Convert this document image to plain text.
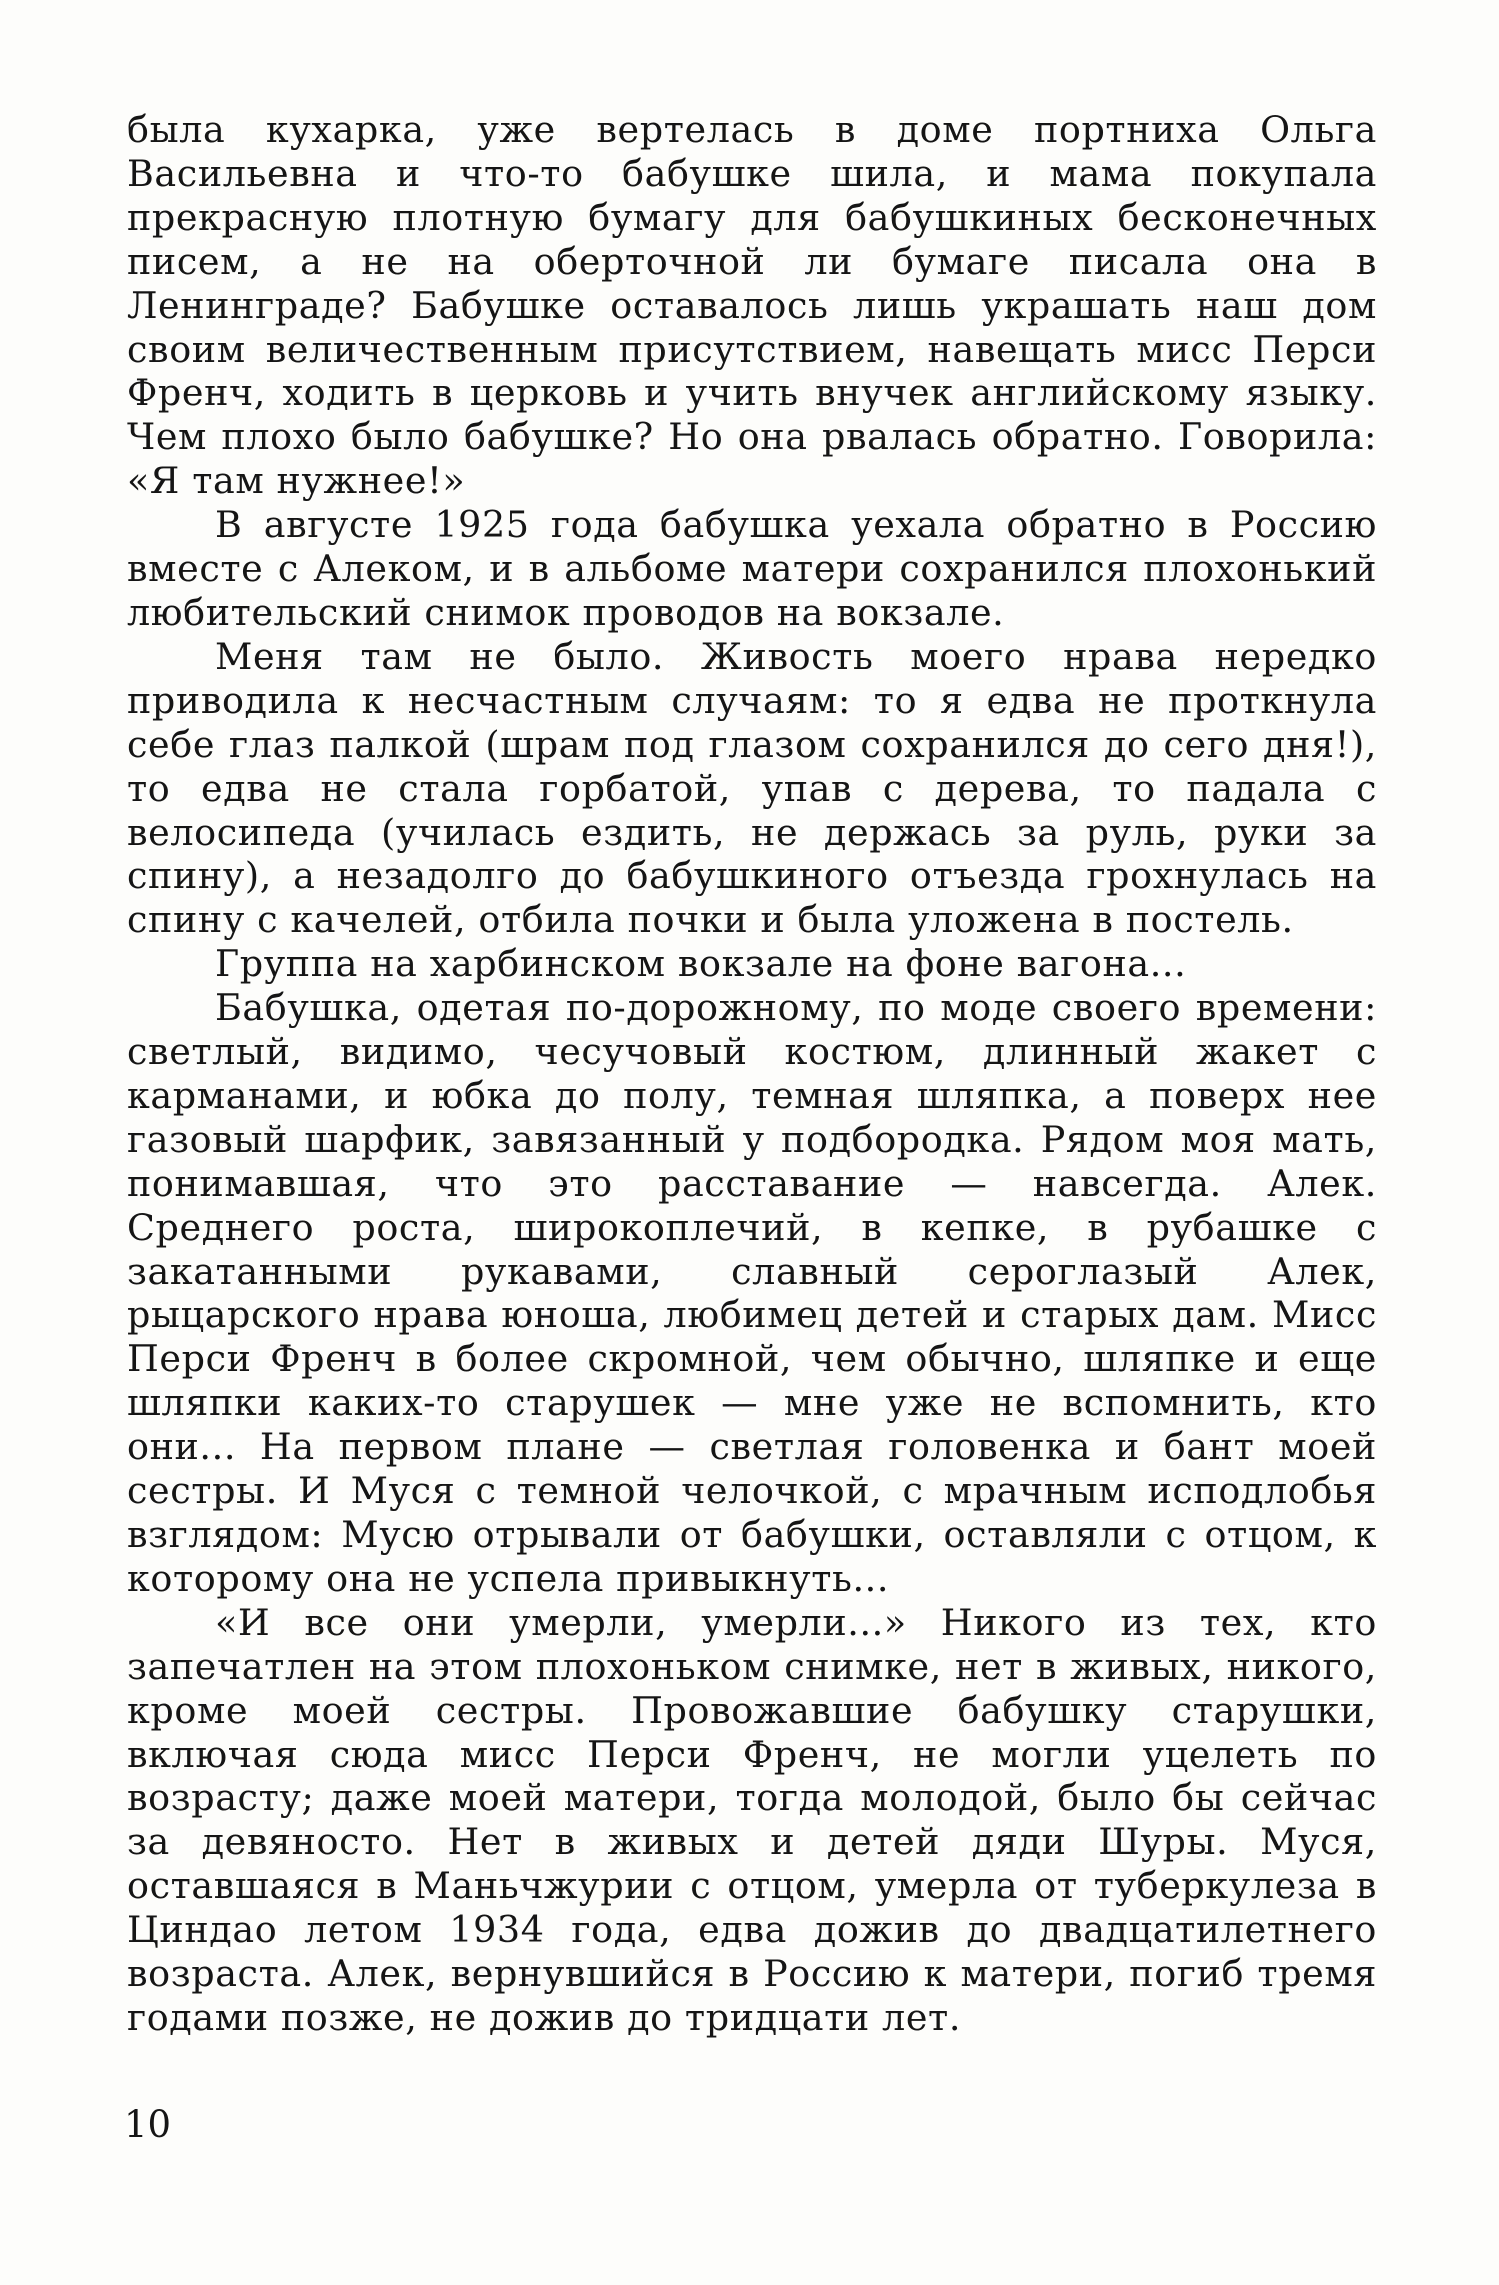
была кухарка, уже вертелась в доме портниха Ольга Васильевна и что-то бабушке шила, и мама покупала прекрасную плотную бумагу для бабушкиных бесконечных писем, а не на оберточной ли бумаге писала она в Ленинграде? Бабушке оставалось лишь украшать наш дом своим величественным присутствием, навещать мисс Перси Френч, ходить в церковь и учить внучек английскому языку. Чем плохо было бабушке? Но она рвалась обратно. Говорила: «Я там нужнее!»

В августе 1925 года бабушка уехала обратно в Россию вместе с Алеком, и в альбоме матери сохранился плохонький любительский снимок проводов на вокзале.

Меня там не было. Живость моего нрава нередко приводила к несчастным случаям: то я едва не проткнула себе глаз палкой (шрам под глазом сохранился до сего дня!), то едва не стала горбатой, упав с дерева, то падала с велосипеда (училась ездить, не держась за руль, руки за спину), а незадолго до бабушкиного отъезда грохнулась на спину с качелей, отбила почки и была уложена в постель.

Группа на харбинском вокзале на фоне вагона...

Бабушка, одетая по-дорожному, по моде своего времени: светлый, видимо, чесучовый костюм, длинный жакет с карманами, и юбка до полу, темная шляпка, а поверх нее газовый шарфик, завязанный у подбородка. Рядом моя мать, понимавшая, что это расставание — навсегда. Алек. Среднего роста, широкоплечий, в кепке, в рубашке с закатанными рукавами, славный сероглазый Алек, рыцарского нрава юноша, любимец детей и старых дам. Мисс Перси Френч в более скромной, чем обычно, шляпке и еще шляпки каких-то старушек — мне уже не вспомнить, кто они... На первом плане — светлая головенка и бант моей сестры. И Муся с темной челочкой, с мрачным исподлобья взглядом: Мусю отрывали от бабушки, оставляли с отцом, к которому она не успела привыкнуть...

«И все они умерли, умерли...» Никого из тех, кто запечатлен на этом плохоньком снимке, нет в живых, никого, кроме моей сестры. Провожавшие бабушку старушки, включая сюда мисс Перси Френч, не могли уцелеть по возрасту; даже моей матери, тогда молодой, было бы сейчас за девяносто. Нет в живых и детей дяди Шуры. Муся, оставшаяся в Маньчжурии с отцом, умерла от туберкулеза в Циндао летом 1934 года, едва дожив до двадцатилетнего возраста. Алек, вернувшийся в Россию к матери, погиб тремя годами позже, не дожив до тридцати лет.

10
